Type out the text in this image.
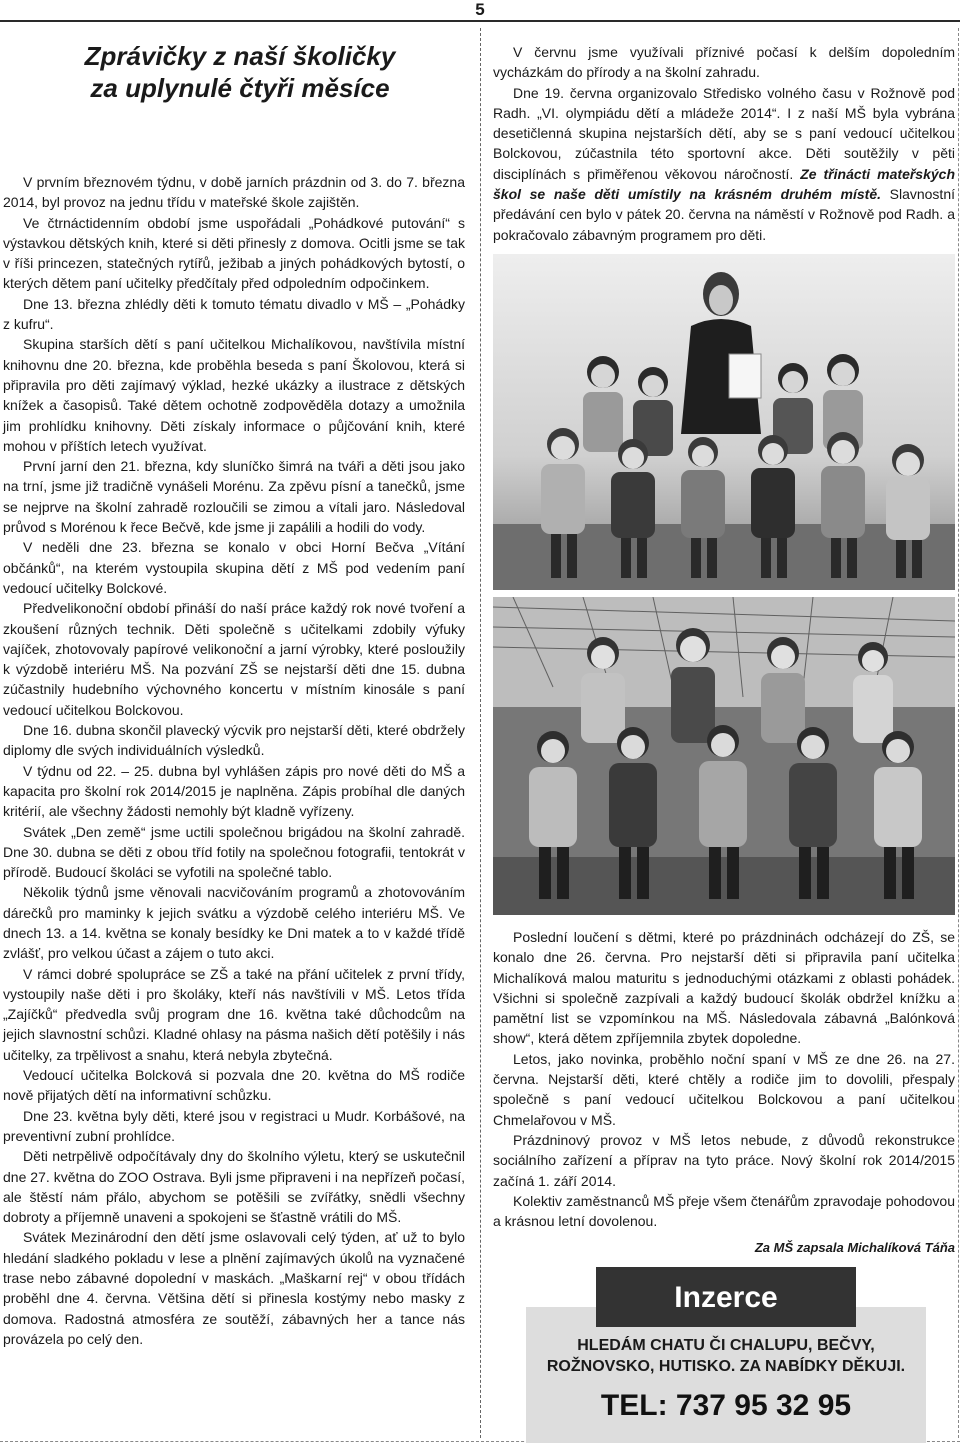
5
Zprávičky z naší školičky
za uplynulé čtyři měsíce

V prvním březnovém týdnu, v době jarních prázdnin od 3. do 7. března 2014, byl provoz na jednu třídu v mateřské škole zajištěn.

Ve čtrnáctidenním období jsme uspořádali „Pohádkové putování“ s výstavkou dětských knih, které si děti přinesly z domova. Ocitli jsme se tak v říši princezen, statečných rytířů, ježibab a jiných pohádkových bytostí, o kterých dětem paní učitelky předčítaly před odpoledním odpočinkem.

Dne 13. března zhlédly děti k tomuto tématu divadlo v MŠ – „Pohádky z kufru“.

Skupina starších dětí s paní učitelkou Michalíkovou, navštívila místní knihovnu dne 20. března, kde proběhla beseda s paní Školovou, která si připravila pro děti zajímavý výklad, hezké ukázky a ilustrace z dětských knížek a časopisů. Také dětem ochotně zodpověděla dotazy a umožnila jim prohlídku knihovny. Děti získaly informace o půjčování knih, které mohou v příštích letech využívat.

První jarní den 21. března, kdy sluníčko šimrá na tváři a děti jsou jako na trní, jsme již tradičně vynášeli Morénu. Za zpěvu písní a tanečků, jsme se nejprve na školní zahradě rozloučili se zimou a vítali jaro. Následoval průvod s Morénou k řece Bečvě, kde jsme ji zapálili a hodili do vody.

V neděli dne 23. března se konalo v obci Horní Bečva „Vítání občánků“, na kterém vystoupila skupina dětí z MŠ pod vedením paní vedoucí učitelky Bolckové.

Předvelikonoční období přináší do naší práce každý rok nové tvoření a zkoušení různých technik. Děti společně s učitelkami zdobily výfuky vajíček, zhotovovaly papírové velikonoční a jarní výrobky, které posloužily k výzdobě interiéru MŠ. Na pozvání ZŠ se nejstarší děti dne 15. dubna zúčastnily hudebního výchovného koncertu v místním kinosále s paní vedoucí učitelkou Bolckovou.

Dne 16. dubna skončil plavecký výcvik pro nejstarší děti, které obdržely diplomy dle svých individuálních výsledků.

V týdnu od 22. – 25. dubna byl vyhlášen zápis pro nové děti do MŠ a kapacita pro školní rok 2014/2015 je naplněna. Zápis probíhal dle daných kritérií, ale všechny žádosti nemohly být kladně vyřízeny.

Svátek „Den země“ jsme uctili společnou brigádou na školní zahradě. Dne 30. dubna se děti z obou tříd fotily na společnou fotografii, tentokrát v přírodě. Budoucí školáci se vyfotili na společné tablo.

Několik týdnů jsme věnovali nacvičováním programů a zhotovováním dárečků pro maminky k jejich svátku a výzdobě celého interiéru MŠ. Ve dnech 13. a 14. května se konaly besídky ke Dni matek a to v každé třídě zvlášť, pro velkou účast a zájem o tuto akci.

V rámci dobré spolupráce se ZŠ a také na přání učitelek z první třídy, vystoupily naše děti i pro školáky, kteří nás navštívili v MŠ. Letos třída „Zajíčků“ předvedla svůj program dne 16. května také důchodcům na jejich slavnostní schůzi. Kladné ohlasy na pásma našich dětí potěšily i nás učitelky, za trpělivost a snahu, která nebyla zbytečná.

Vedoucí učitelka Bolcková si pozvala dne 20. května do MŠ rodiče nově přijatých dětí na informativní schůzku.

Dne 23. května byly děti, které jsou v registraci u Mudr. Korbášové, na preventivní zubní prohlídce.

Děti netrpělivě odpočítávaly dny do školního výletu, který se uskutečnil dne 27. května do ZOO Ostrava. Byli jsme připraveni i na nepřízeň počasí, ale štěstí nám přálo, abychom se potěšili se zvířátky, snědli všechny dobroty a příjemně unaveni a spokojeni se šťastně vrátili do MŠ.

Svátek Mezinárodní den dětí jsme oslavovali celý týden, ať už to bylo hledání sladkého pokladu v lese a plnění zajímavých úkolů na vyznačené trase nebo zábavné dopolední v maskách. „Maškarní rej“ v obou třídách proběhl dne 4. června. Většina dětí si přinesla kostýmy nebo masky z domova. Radostná atmosféra ze soutěží, zábavných her a tance nás provázela po celý den.

V červnu jsme využívali příznivé počasí k delším dopoledním vycházkám do přírody a na školní zahradu.

Dne 19. června organizovalo Středisko volného času v Rožnově pod Radh. „VI. olympiádu dětí a mládeže 2014“. I z naší MŠ byla vybrána desetičlenná skupina nejstarších dětí, aby se s paní vedoucí učitelkou Bolckovou, zúčastnila této sportovní akce. Děti soutěžily v pěti disciplínách s přiměřenou věkovou náročností. Ze třinácti mateřských škol se naše děti umístily na krásném druhém místě. Slavnostní předávání cen bylo v pátek 20. června na náměstí v Rožnově pod Radh. a pokračovalo zábavným programem pro děti.

Poslední loučení s dětmi, které po prázdninách odcházejí do ZŠ, se konalo dne 26. června. Pro nejstarší děti si připravila paní učitelka Michalíková malou maturitu s jednoduchými otázkami z oblasti pohádek. Všichni si společně zazpívali a každý budoucí školák obdržel knížku a pamětní list se vzpomínkou na MŠ. Následovala zábavná „Balónková show“, která dětem zpříjemnila zbytek dopoledne.

Letos, jako novinka, proběhlo noční spaní v MŠ ze dne 26. na 27. června. Nejstarší děti, které chtěly a rodiče jim to dovolili, přespaly společně s paní vedoucí učitelkou Bolckovou a paní učitelkou Chmelařovou v MŠ.

Prázdninový provoz v MŠ letos nebude, z důvodů rekonstrukce sociálního zařízení a příprav na tyto práce. Nový školní rok 2014/2015 začíná 1. září 2014.

Kolektiv zaměstnanců MŠ přeje všem čtenářům zpravodaje pohodovou a krásnou letní dovolenou.

Za MŠ zapsala Michalíková Táňa
Inzerce
HLEDÁM CHATU ČI CHALUPU, BEČVY,
ROŽNOVSKO, HUTISKO. ZA NABÍDKY DĚKUJI.
TEL: 737 95 32 95
